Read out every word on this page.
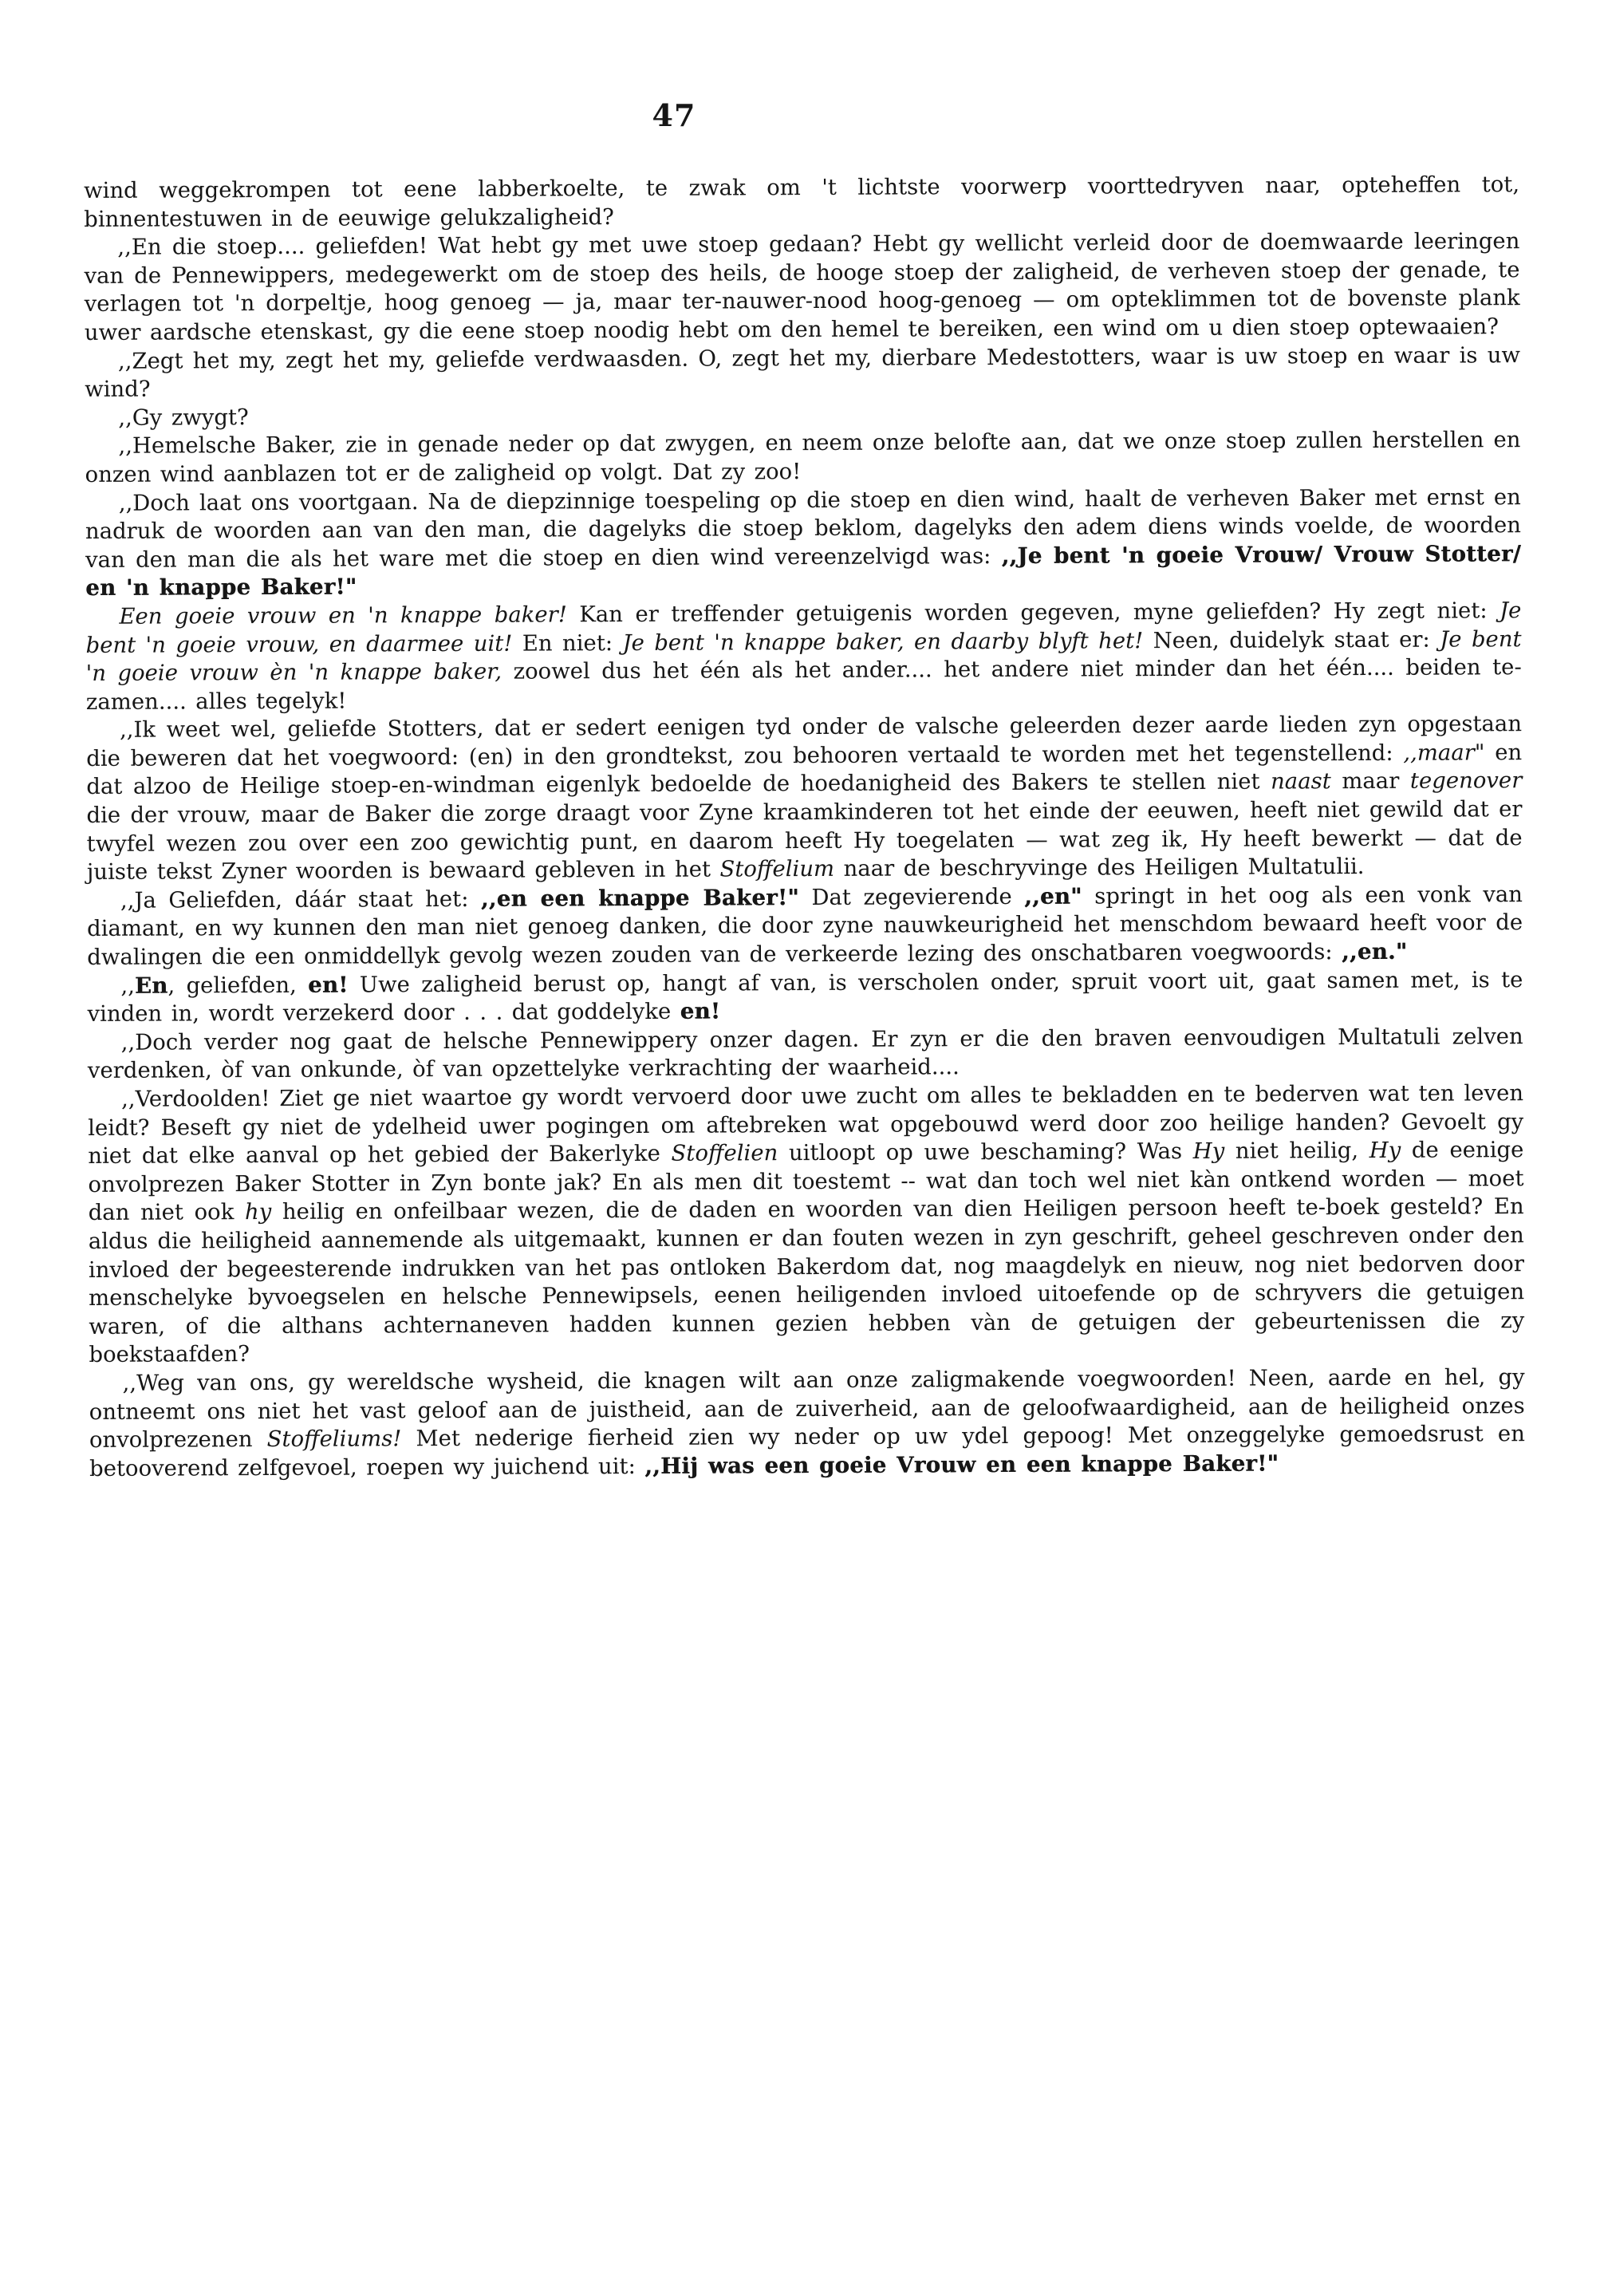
47

wind weggekrompen tot eene labberkoelte, te zwak om 't lichtste voorwerp voorttedryven naar, opteheffen tot, binnentestuwen in de eeuwige gelukzaligheid?

,,En die stoep.... geliefden! Wat hebt gy met uwe stoep gedaan? Hebt gy wellicht verleid door de doemwaarde leeringen van de Pennewippers, medegewerkt om de stoep des heils, de hooge stoep der zaligheid, de verheven stoep der genade, te verlagen tot 'n dorpeltje, hoog genoeg — ja, maar ter-nauwer-nood hoog-genoeg — om opteklimmen tot de bovenste plank uwer aardsche etenskast, gy die eene stoep noodig hebt om den hemel te bereiken, een wind om u dien stoep optewaaien?

,,Zegt het my, zegt het my, geliefde verdwaasden. O, zegt het my, dierbare Medestotters, waar is uw stoep en waar is uw wind?

,,Gy zwygt?

,,Hemelsche Baker, zie in genade neder op dat zwygen, en neem onze belofte aan, dat we onze stoep zullen herstellen en onzen wind aanblazen tot er de zaligheid op volgt. Dat zy zoo!

,,Doch laat ons voortgaan. Na de diepzinnige toespeling op die stoep en dien wind, haalt de verheven Baker met ernst en nadruk de woorden aan van den man, die dagelyks die stoep beklom, dagelyks den adem diens winds voelde, de woorden van den man die als het ware met die stoep en dien wind vereenzelvigd was: ,,Je bent 'n goeie Vrouw/ Vrouw Stotter/ en 'n knappe Baker!"

Een goeie vrouw en 'n knappe baker! Kan er treffender getuigenis worden gegeven, myne geliefden? Hy zegt niet: Je bent 'n goeie vrouw, en daarmee uit! En niet: Je bent 'n knappe baker, en daarby blyft het! Neen, duidelyk staat er: Je bent 'n goeie vrouw èn 'n knappe baker, zoowel dus het één als het ander.... het andere niet minder dan het één.... beiden te-zamen.... alles tegelyk!

,,Ik weet wel, geliefde Stotters, dat er sedert eenigen tyd onder de valsche geleerden dezer aarde lieden zyn opgestaan die beweren dat het voegwoord: (en) in den grondtekst, zou behooren vertaald te worden met het tegenstellend: ,,maar" en dat alzoo de Heilige stoep-en-windman eigenlyk bedoelde de hoedanigheid des Bakers te stellen niet naast maar tegenover die der vrouw, maar de Baker die zorge draagt voor Zyne kraamkinderen tot het einde der eeuwen, heeft niet gewild dat er twyfel wezen zou over een zoo gewichtig punt, en daarom heeft Hy toegelaten — wat zeg ik, Hy heeft bewerkt — dat de juiste tekst Zyner woorden is bewaard gebleven in het Stoffelium naar de beschryvinge des Heiligen Multatulii.

,,Ja Geliefden, dáár staat het: ,,en een knappe Baker!" Dat zegevierende ,,en" springt in het oog als een vonk van diamant, en wy kunnen den man niet genoeg danken, die door zyne nauwkeurigheid het menschdom bewaard heeft voor de dwalingen die een onmiddellyk gevolg wezen zouden van de verkeerde lezing des onschatbaren voegwoords: ,,en."

,,En, geliefden, en! Uwe zaligheid berust op, hangt af van, is verscholen onder, spruit voort uit, gaat samen met, is te vinden in, wordt verzekerd door . . . dat goddelyke en!

,,Doch verder nog gaat de helsche Pennewippery onzer dagen. Er zyn er die den braven eenvoudigen Multatuli zelven verdenken, òf van onkunde, òf van opzettelyke verkrachting der waarheid....

,,Verdoolden! Ziet ge niet waartoe gy wordt vervoerd door uwe zucht om alles te bekladden en te bederven wat ten leven leidt? Beseft gy niet de ydelheid uwer pogingen om aftebreken wat opgebouwd werd door zoo heilige handen? Gevoelt gy niet dat elke aanval op het gebied der Bakerlyke Stoffelien uitloopt op uwe beschaming? Was Hy niet heilig, Hy de eenige onvolprezen Baker Stotter in Zyn bonte jak? En als men dit toestemt -- wat dan toch wel niet kàn ontkend worden — moet dan niet ook hy heilig en onfeilbaar wezen, die de daden en woorden van dien Heiligen persoon heeft te-boek gesteld? En aldus die heiligheid aannemende als uitgemaakt, kunnen er dan fouten wezen in zyn geschrift, geheel geschreven onder den invloed der begeesterende indrukken van het pas ontloken Bakerdom dat, nog maagdelyk en nieuw, nog niet bedorven door menschelyke byvoegselen en helsche Pennewipsels, eenen heiligenden invloed uitoefende op de schryvers die getuigen waren, of die althans achternaneven hadden kunnen gezien hebben vàn de getuigen der gebeurtenissen die zy boekstaafden?

,,Weg van ons, gy wereldsche wysheid, die knagen wilt aan onze zaligmakende voegwoorden! Neen, aarde en hel, gy ontneemt ons niet het vast geloof aan de juistheid, aan de zuiverheid, aan de geloofwaardigheid, aan de heiligheid onzes onvolprezenen Stoffeliums! Met nederige fierheid zien wy neder op uw ydel gepoog! Met onzeggelyke gemoedsrust en betooverend zelfgevoel, roepen wy juichend uit: ,,Hij was een goeie Vrouw en een knappe Baker!"
